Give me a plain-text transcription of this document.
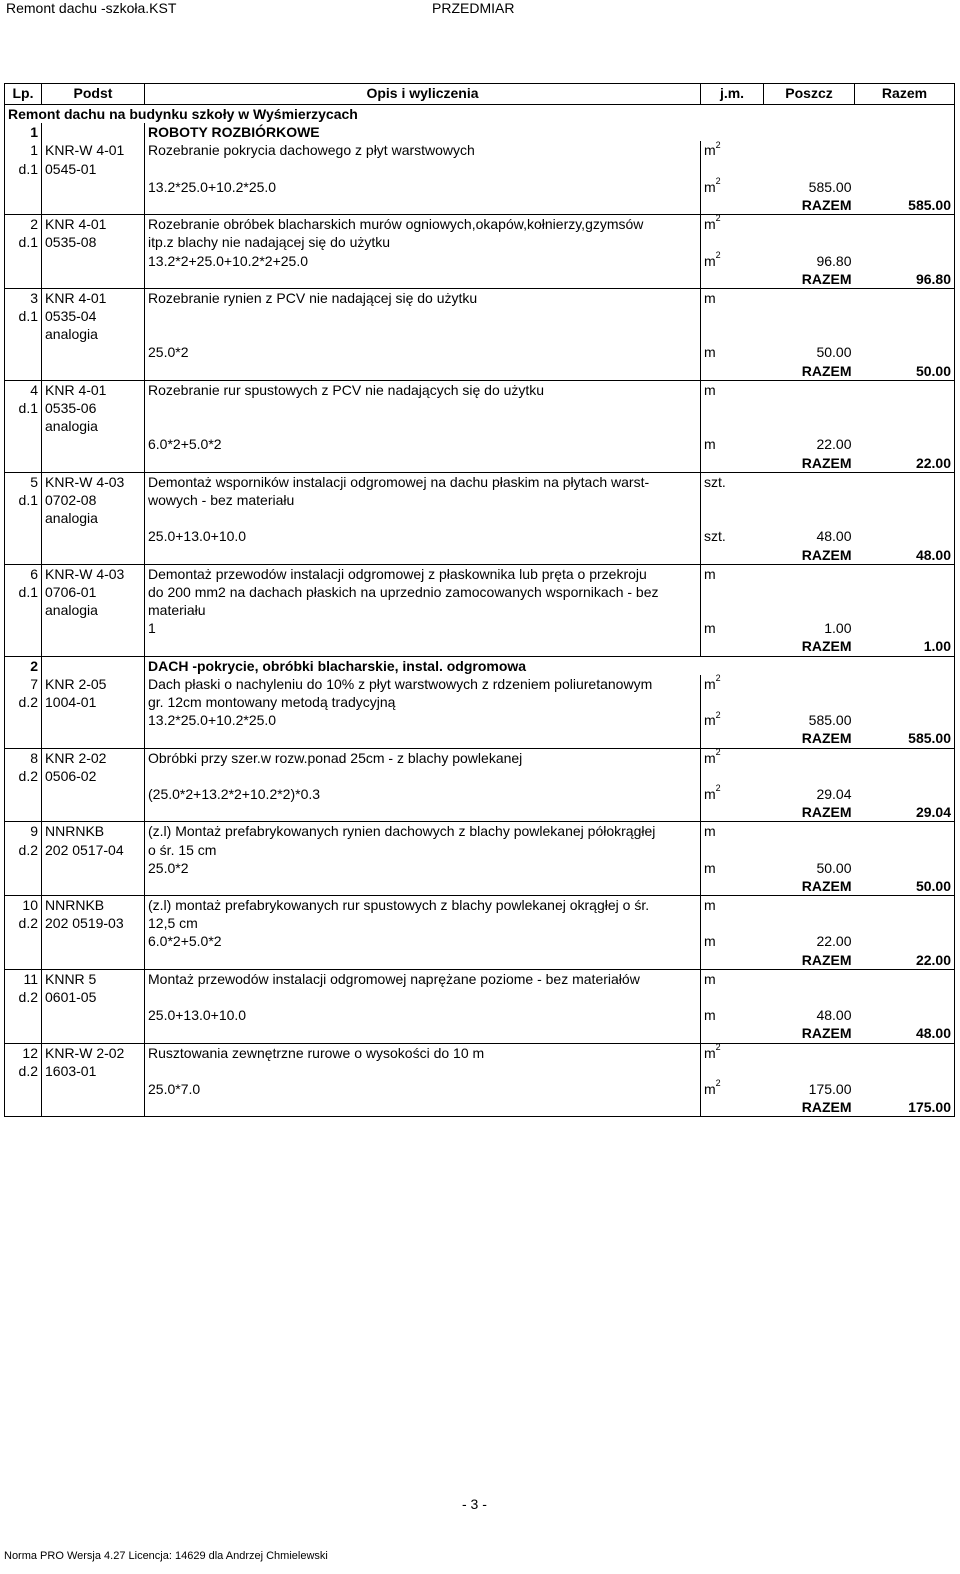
Remont dachu -szkoła.KST	PRZEDMIAR
Lp.	Podst	Opis i wyliczenia	j.m.	Poszcz	Razem
Remont dachu na budynku szkoły w Wyśmierzycach					
1		ROBOTY ROZBIÓRKOWE			
1	KNR-W 4-01	Rozebranie pokrycia dachowego z płyt warstwowych	$m^2$		
d.1	0545-01				
		13.2*25.0+10.2*25.0	$m^2$	585.00	
				RAZEM	585.00
2	KNR 4-01	Rozebranie obróbek blacharskich murów ogniowych,okapów,kołnierzy,gzymsów	$m^2$		
d.1	0535-08	itp.z blachy nie nadającej się do użytku			
		13.2*2+25.0+10.2*2+25.0	$m^2$	96.80	
				RAZEM	96.80
3	KNR 4-01	Rozebranie rynien z PCV nie nadającej się do użytku	m		
d.1	0535-04				
	analogia				
		25.0*2	m	50.00	
				RAZEM	50.00
4	KNR 4-01	Rozebranie rur spustowych z PCV nie nadających się do użytku	m		
d.1	0535-06				
	analogia				
		6.0*2+5.0*2	m	22.00	
				RAZEM	22.00
5	KNR-W 4-03	Demontaż wsporników instalacji odgromowej na dachu płaskim na płytach warst-	szt.		
d.1	0702-08	wowych - bez materiału			
	analogia				
		25.0+13.0+10.0	szt.	48.00	
				RAZEM	48.00
6	KNR-W 4-03	Demontaż przewodów instalacji odgromowej z płaskownika lub pręta o przekroju	m		
d.1	0706-01	do 200 mm2 na dachach płaskich na uprzednio zamocowanych wspornikach - bez			
	analogia	materiału			
		1	m	1.00	
				RAZEM	1.00
2		DACH -pokrycie, obróbki blacharskie, instal. odgromowa			
7	KNR 2-05	Dach płaski o nachyleniu do 10% z płyt warstwowych z rdzeniem poliuretanowym	$m^2$		
d.2	1004-01	gr. 12cm montowany metodą tradycyjną			
		13.2*25.0+10.2*25.0	$m^2$	585.00	
				RAZEM	585.00
8	KNR 2-02	Obróbki przy szer.w rozw.ponad 25cm - z blachy powlekanej	$m^2$		
d.2	0506-02				
		(25.0*2+13.2*2+10.2*2)*0.3	$m^2$	29.04	
				RAZEM	29.04
9	NNRNKB	(z.l) Montaż prefabrykowanych rynien dachowych z blachy powlekanej półokrągłej	m		
d.2	202 0517-04	o śr. 15 cm			
		25.0*2	m	50.00	
				RAZEM	50.00
10	NNRNKB	(z.l) montaż prefabrykowanych rur spustowych z blachy powlekanej okrągłej o śr.	m		
d.2	202 0519-03	12,5 cm			
		6.0*2+5.0*2	m	22.00	
				RAZEM	22.00
11	KNNR 5	Montaż przewodów instalacji odgromowej naprężane poziome - bez materiałów	m		
d.2	0601-05				
		25.0+13.0+10.0	m	48.00	
				RAZEM	48.00
12	KNR-W 2-02	Rusztowania zewnętrzne rurowe o wysokości do 10 m	$m^2$		
d.2	1603-01				
		25.0*7.0	$m^2$	175.00	
				RAZEM	175.00
- 3 -
Norma PRO Wersja 4.27 Licencja: 14629 dla Andrzej Chmielewski
